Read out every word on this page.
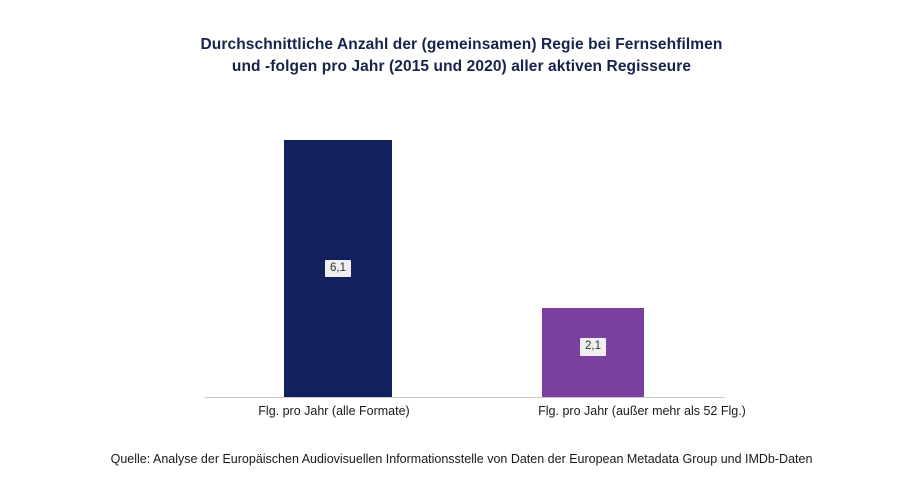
Durchschnittliche Anzahl der (gemeinsamen) Regie bei Fernsehfilmen
und -folgen pro Jahr (2015 und 2020) aller aktiven Regisseure
6,1
2,1
Flg. pro Jahr (alle Formate)	Flg. pro Jahr (außer mehr als 52 Flg.)
Quelle: Analyse der Europäischen Audiovisuellen Informationsstelle von Daten der European Metadata Group und IMDb-Daten
